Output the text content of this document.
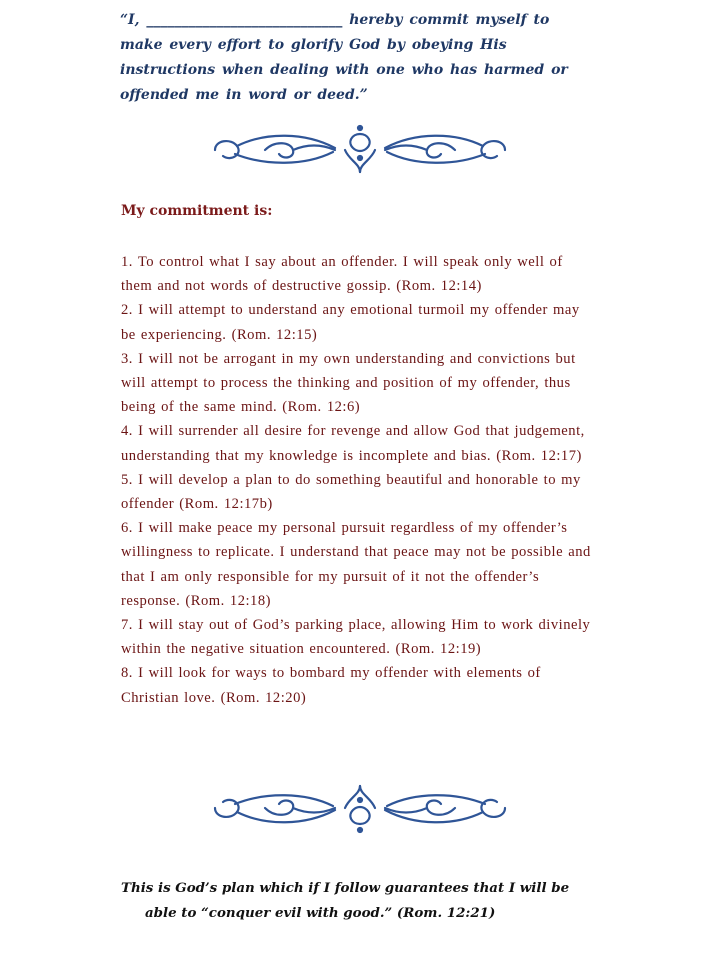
“I, ____________________________ hereby commit myself to make every effort to glorify God by obeying His instructions when dealing with one who has harmed or offended me in word or deed.”
My commitment is:

1. To control what I say about an offender. I will speak only well of them and not words of destructive gossip. (Rom. 12:14)

2. I will attempt to understand any emotional turmoil my offender may be experiencing. (Rom. 12:15)

3. I will not be arrogant in my own understanding and convictions but will attempt to process the thinking and position of my offender, thus being of the same mind. (Rom. 12:6)

4. I will surrender all desire for revenge and allow God that judgement, understanding that my knowledge is incomplete and bias. (Rom. 12:17)

5. I will develop a plan to do something beautiful and honorable to my offender (Rom. 12:17b)

6. I will make peace my personal pursuit regardless of my offender’s willingness to replicate. I understand that peace may not be possible and that I am only responsible for my pursuit of it not the offender’s response. (Rom. 12:18)

7. I will stay out of God’s parking place, allowing Him to work divinely within the negative situation encountered. (Rom. 12:19)

8. I will look for ways to bombard my offender with elements of Christian love. (Rom. 12:20)

This is God’s plan which if I follow guarantees that I will be
able to “conquer evil with good.” (Rom. 12:21)
